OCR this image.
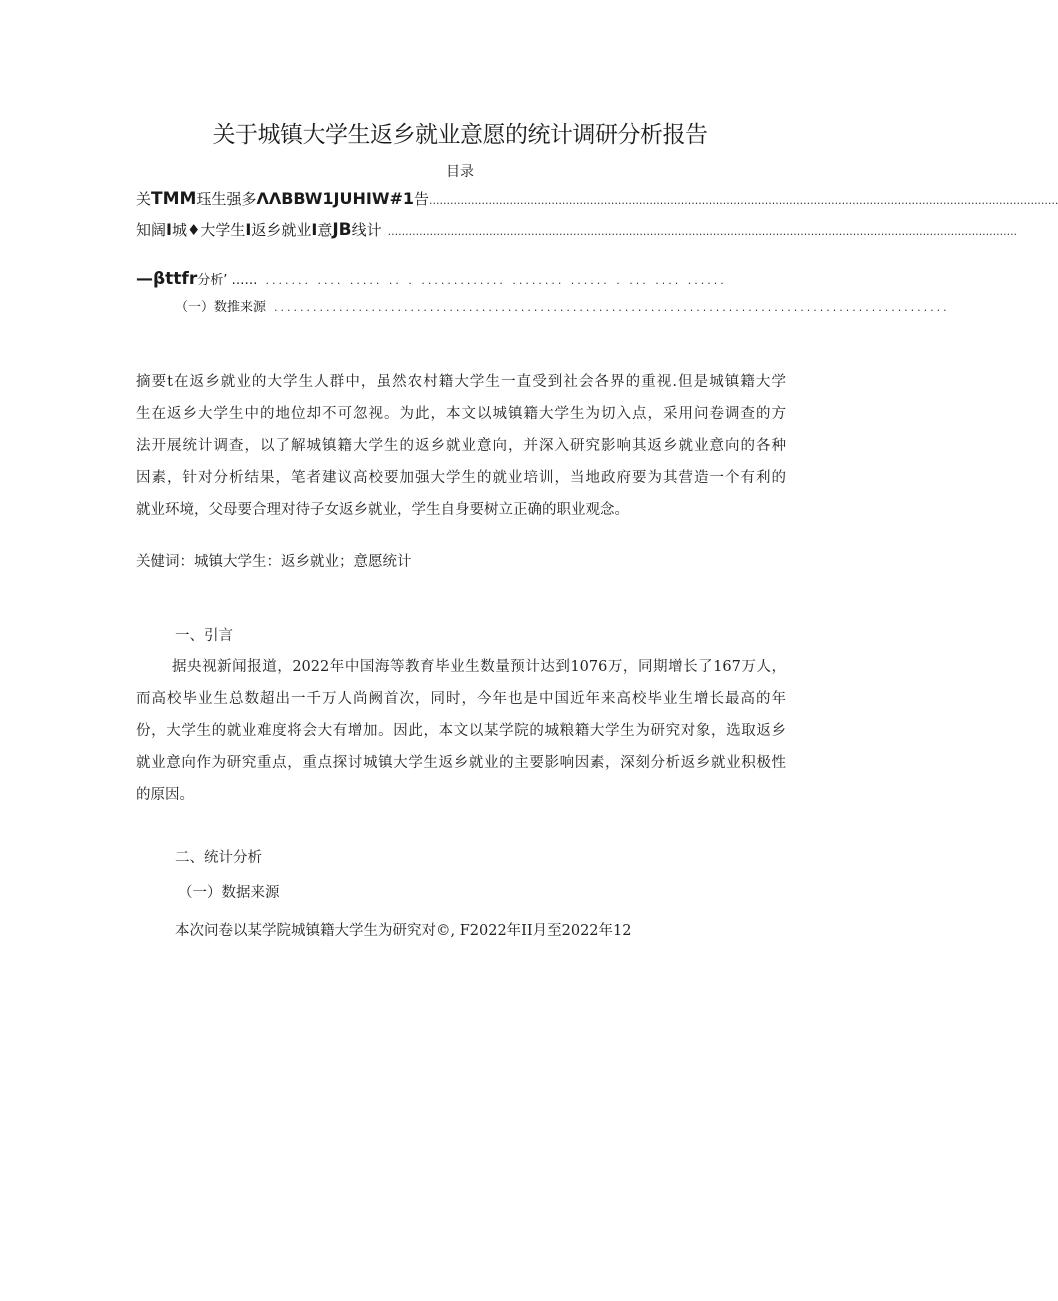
关于城镇大学生返乡就业意愿的统计调研分析报告
目录
关TMM珏生强多ΛΛBBW1JUHIW#1告 ....................................................................................................................................................................................
知阔I城♦大学生I返乡就业I意JB线计 ....................................................................................................................................................................................
—βttfr分析’ …… ....... .... ..... .. . ............. ........ ...... . ... .... ......
（一）数推来源 ........................................................................................................
摘要t在返乡就业的大学生人群中，虽然农村籍大学生一直受到社会各界的重视.但是城镇籍大学
生在返乡大学生中的地位却不可忽视。为此，本文以城镇籍大学生为切入点，采用问卷调查的方
法开展统计调查，以了解城镇籍大学生的返乡就业意向，并深入研究影响其返乡就业意向的各种
因素，针对分析结果，笔者建议高校要加强大学生的就业培训，当地政府要为其营造一个有利的
就业环境，父母要合理对待子女返乡就业，学生自身要树立正确的职业观念。
关健词：城镇大学生：返乡就业；意愿统计
一、引言
据央视新闻报道，2022年中国海等教育毕业生数量预计达到1076万，同期增长了167万人，
而高校毕业生总数超出一千万人尚阙首次，同时，今年也是中国近年来高校毕业生增长最高的年
份，大学生的就业难度将会大有增加。因此，本文以某学院的城粮籍大学生为研究对象，选取返乡
就业意向作为研究重点，重点探讨城镇大学生返乡就业的主要影响因素，深刻分析返乡就业积极性
的原因。
二、统计分析
（一）数据来源
本次问卷以某学院城镇籍大学生为研究对©, F2022年II月至2022年12
